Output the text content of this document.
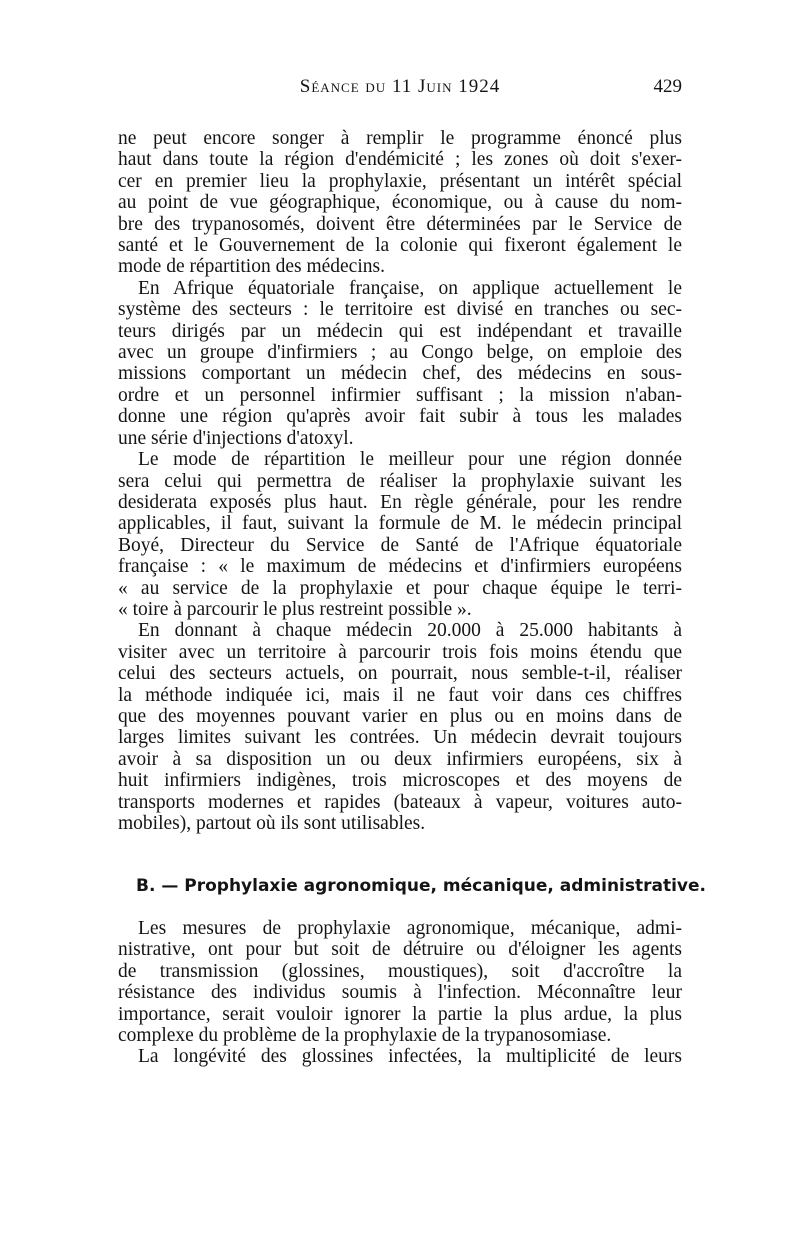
Séance du 11 Juin 1924	429
ne peut encore songer à remplir le programme énoncé plus
haut dans toute la région d'endémicité ; les zones où doit s'exer-
cer en premier lieu la prophylaxie, présentant un intérêt spécial
au point de vue géographique, économique, ou à cause du nom-
bre des trypanosomés, doivent être déterminées par le Service de
santé et le Gouvernement de la colonie qui fixeront également le
mode de répartition des médecins.
En Afrique équatoriale française, on applique actuellement le
système des secteurs : le territoire est divisé en tranches ou sec-
teurs dirigés par un médecin qui est indépendant et travaille
avec un groupe d'infirmiers ; au Congo belge, on emploie des
missions comportant un médecin chef, des médecins en sous-
ordre et un personnel infirmier suffisant ; la mission n'aban-
donne une région qu'après avoir fait subir à tous les malades
une série d'injections d'atoxyl.
Le mode de répartition le meilleur pour une région donnée
sera celui qui permettra de réaliser la prophylaxie suivant les
desiderata exposés plus haut. En règle générale, pour les rendre
applicables, il faut, suivant la formule de M. le médecin principal
Boyé, Directeur du Service de Santé de l'Afrique équatoriale
française : « le maximum de médecins et d'infirmiers européens
« au service de la prophylaxie et pour chaque équipe le terri-
« toire à parcourir le plus restreint possible ».
En donnant à chaque médecin 20.000 à 25.000 habitants à
visiter avec un territoire à parcourir trois fois moins étendu que
celui des secteurs actuels, on pourrait, nous semble-t-il, réaliser
la méthode indiquée ici, mais il ne faut voir dans ces chiffres
que des moyennes pouvant varier en plus ou en moins dans de
larges limites suivant les contrées. Un médecin devrait toujours
avoir à sa disposition un ou deux infirmiers européens, six à
huit infirmiers indigènes, trois microscopes et des moyens de
transports modernes et rapides (bateaux à vapeur, voitures auto-
mobiles), partout où ils sont utilisables.
B. — Prophylaxie agronomique, mécanique, administrative.
Les mesures de prophylaxie agronomique, mécanique, admi-
nistrative, ont pour but soit de détruire ou d'éloigner les agents
de transmission (glossines, moustiques), soit d'accroître la
résistance des individus soumis à l'infection. Méconnaître leur
importance, serait vouloir ignorer la partie la plus ardue, la plus
complexe du problème de la prophylaxie de la trypanosomiase.
La longévité des glossines infectées, la multiplicité de leurs
